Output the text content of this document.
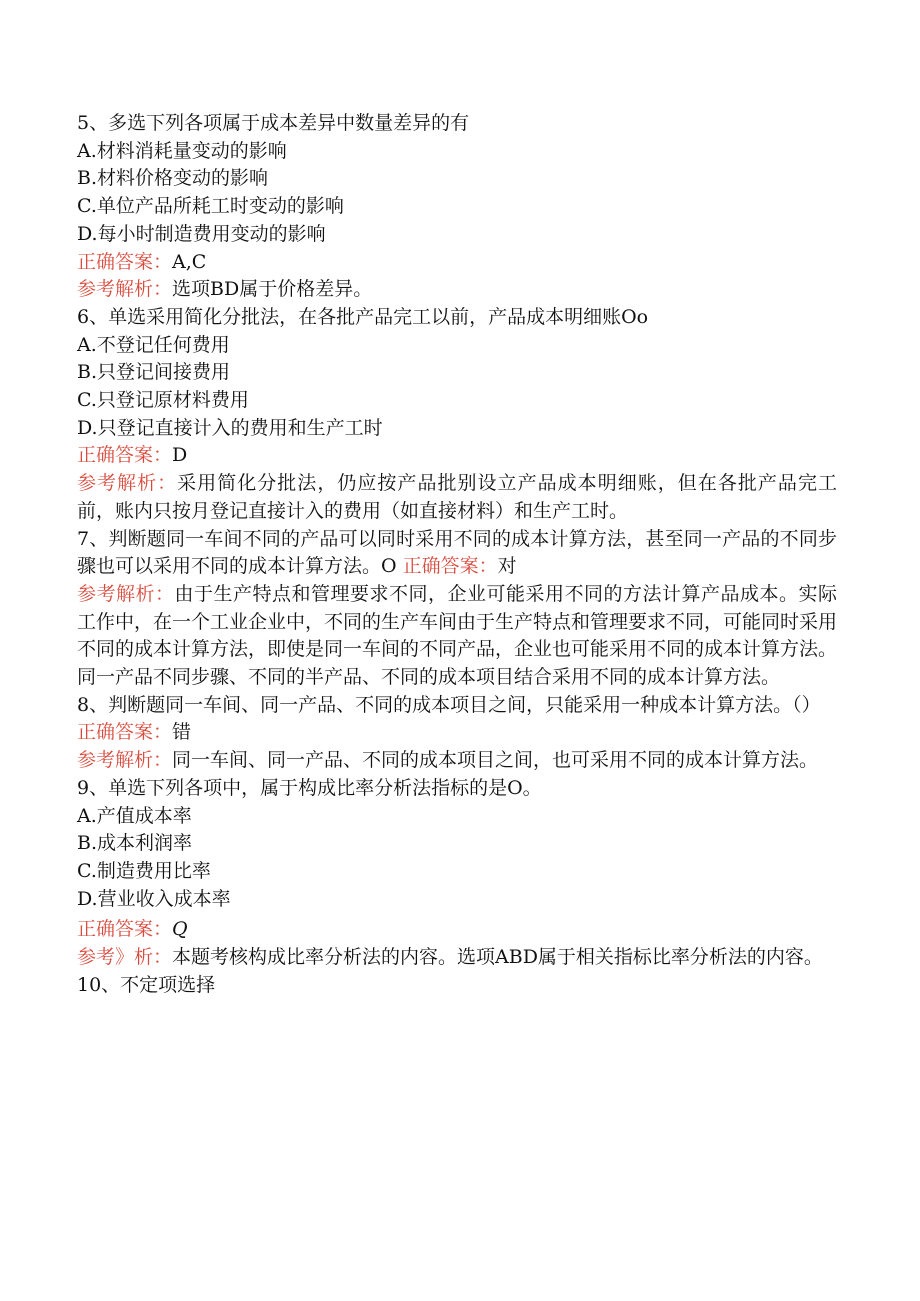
5、多选下列各项属于成本差异中数量差异的有

A.材料消耗量变动的影响

B.材料价格变动的影响

C.单位产品所耗工时变动的影响

D.每小时制造费用变动的影响

正确答案：A,C

参考解析：选项BD属于价格差异。

6、单选采用简化分批法，在各批产品完工以前，产品成本明细账Oo

A.不登记任何费用

B.只登记间接费用

C.只登记原材料费用

D.只登记直接计入的费用和生产工时

正确答案：D

参考解析：采用简化分批法，仍应按产品批别设立产品成本明细账，但在各批产品完工前，账内只按月登记直接计入的费用（如直接材料）和生产工时。

7、判断题同一车间不同的产品可以同时采用不同的成本计算方法，甚至同一产品的不同步骤也可以采用不同的成本计算方法。O 正确答案：对

参考解析：由于生产特点和管理要求不同，企业可能采用不同的方法计算产品成本。实际工作中，在一个工业企业中，不同的生产车间由于生产特点和管理要求不同，可能同时采用不同的成本计算方法，即使是同一车间的不同产品，企业也可能采用不同的成本计算方法。同一产品不同步骤、不同的半产品、不同的成本项目结合采用不同的成本计算方法。

8、判断题同一车间、同一产品、不同的成本项目之间，只能采用一种成本计算方法。（）

正确答案：错

参考解析：同一车间、同一产品、不同的成本项目之间，也可采用不同的成本计算方法。

9、单选下列各项中，属于构成比率分析法指标的是O。

A.产值成本率

B.成本利润率

C.制造费用比率

D.营业收入成本率

正确答案：Q

参考》析：本题考核构成比率分析法的内容。选项ABD属于相关指标比率分析法的内容。

10、不定项选择
